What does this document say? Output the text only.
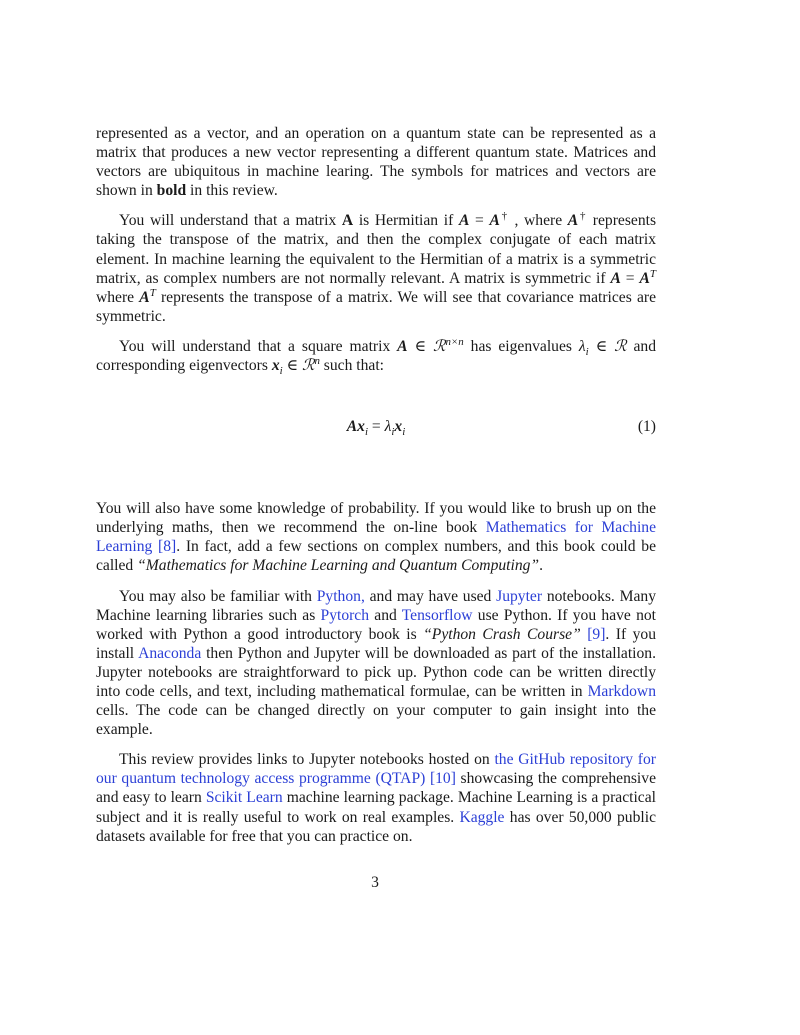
represented as a vector, and an operation on a quantum state can be represented as a matrix that produces a new vector representing a different quantum state. Matrices and vectors are ubiquitous in machine learing. The symbols for matrices and vectors are shown in bold in this review.

You will understand that a matrix A is Hermitian if A = A† , where A† represents taking the transpose of the matrix, and then the complex conjugate of each matrix element. In machine learning the equivalent to the Hermitian of a matrix is a symmetric matrix, as complex numbers are not normally relevant. A matrix is symmetric if $A = A^T$ where $A^T$ represents the transpose of a matrix. We will see that covariance matrices are symmetric.

You will understand that a square matrix A ∈ ℛ$^{n\times n}$ has eigenvalues $\lambda_i$ ∈ ℛ and corresponding eigenvectors $x_i$ ∈ ℛ$^n$ such that:

$Ax_i = \lambda_ix_i$	(1)

You will also have some knowledge of probability. If you would like to brush up on the underlying maths, then we recommend the on-line book Mathematics for Machine Learning [8]. In fact, add a few sections on complex numbers, and this book could be called “Mathematics for Machine Learning and Quantum Computing”.

You may also be familiar with Python, and may have used Jupyter notebooks. Many Machine learning libraries such as Pytorch and Tensorflow use Python. If you have not worked with Python a good introductory book is “Python Crash Course” [9]. If you install Anaconda then Python and Jupyter will be downloaded as part of the installation. Jupyter notebooks are straightforward to pick up. Python code can be written directly into code cells, and text, including mathematical formulae, can be written in Markdown cells. The code can be changed directly on your computer to gain insight into the example.

This review provides links to Jupyter notebooks hosted on the GitHub repository for our quantum technology access programme (QTAP) [10] showcasing the comprehensive and easy to learn Scikit Learn machine learning package. Machine Learning is a practical subject and it is really useful to work on real examples. Kaggle has over 50,000 public datasets available for free that you can practice on.

3
